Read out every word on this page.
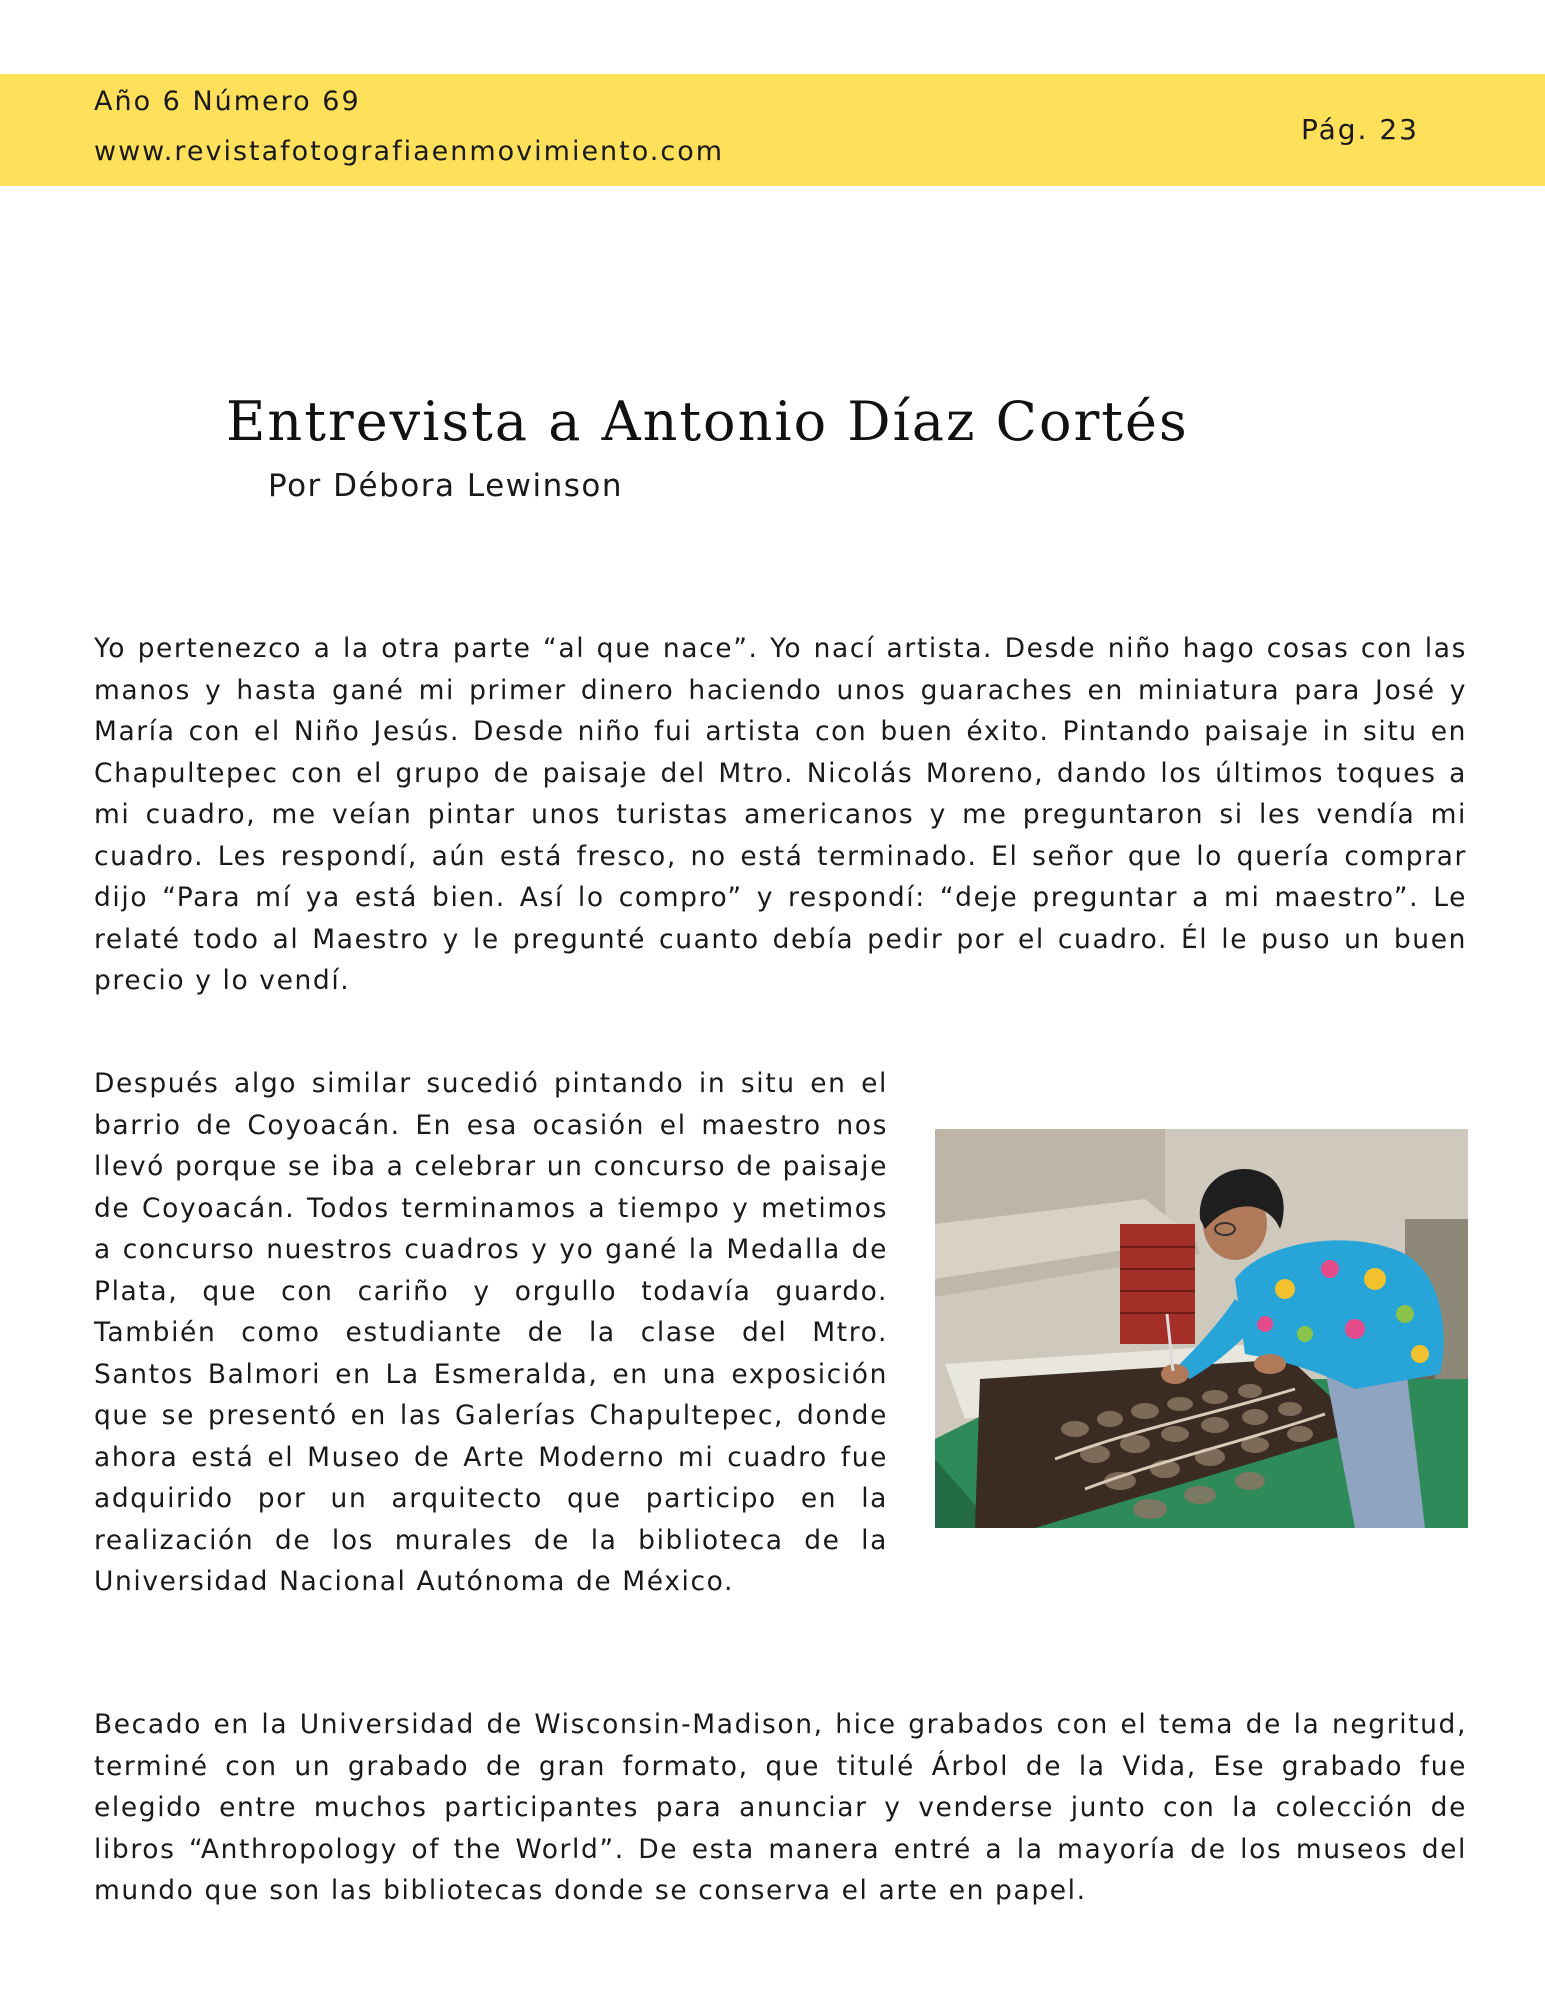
Año 6 Número 69
www.revistafotografiaenmovimiento.com
Pág. 23
Entrevista a Antonio Díaz Cortés
Por Débora Lewinson

Yo pertenezco a la otra parte “al que nace”. Yo nací artista. Desde niño hago cosas con las manos y hasta gané mi primer dinero haciendo unos guaraches en miniatura para José y María con el Niño Jesús. Desde niño fui artista con buen éxito. Pintando paisaje in situ en Chapultepec con el grupo de paisaje del Mtro. Nicolás Moreno, dando los últimos toques a mi cuadro, me veían pintar unos turistas americanos y me preguntaron si les vendía mi cuadro. Les respondí, aún está fresco, no está terminado. El señor que lo quería comprar dijo “Para mí ya está bien. Así lo compro” y respondí: “deje preguntar a mi maestro”. Le relaté todo al Maestro y le pregunté cuanto debía pedir por el cuadro. Él le puso un buen precio y lo vendí.

Después algo similar sucedió pintando in situ en el barrio de Coyoacán. En esa ocasión el maestro nos llevó porque se iba a celebrar un concurso de paisaje de Coyoacán. Todos terminamos a tiempo y metimos a concurso nuestros cuadros y yo gané la Medalla de Plata, que con cariño y orgullo todavía guardo. También como estudiante de la clase del Mtro. Santos Balmori en La Esmeralda, en una exposición que se presentó en las Galerías Chapultepec, donde ahora está el Museo de Arte Moderno mi cuadro fue adquirido por un arquitecto que participo en la realización de los murales de la biblioteca de la Universidad Nacional Autónoma de México.

Becado en la Universidad de Wisconsin-Madison, hice grabados con el tema de la negritud, terminé con un grabado de gran formato, que titulé Árbol de la Vida, Ese grabado fue elegido entre muchos participantes para anunciar y venderse junto con la colección de libros “Anthropology of the World”. De esta manera entré a la mayoría de los museos del mundo que son las bibliotecas donde se conserva el arte en papel.
